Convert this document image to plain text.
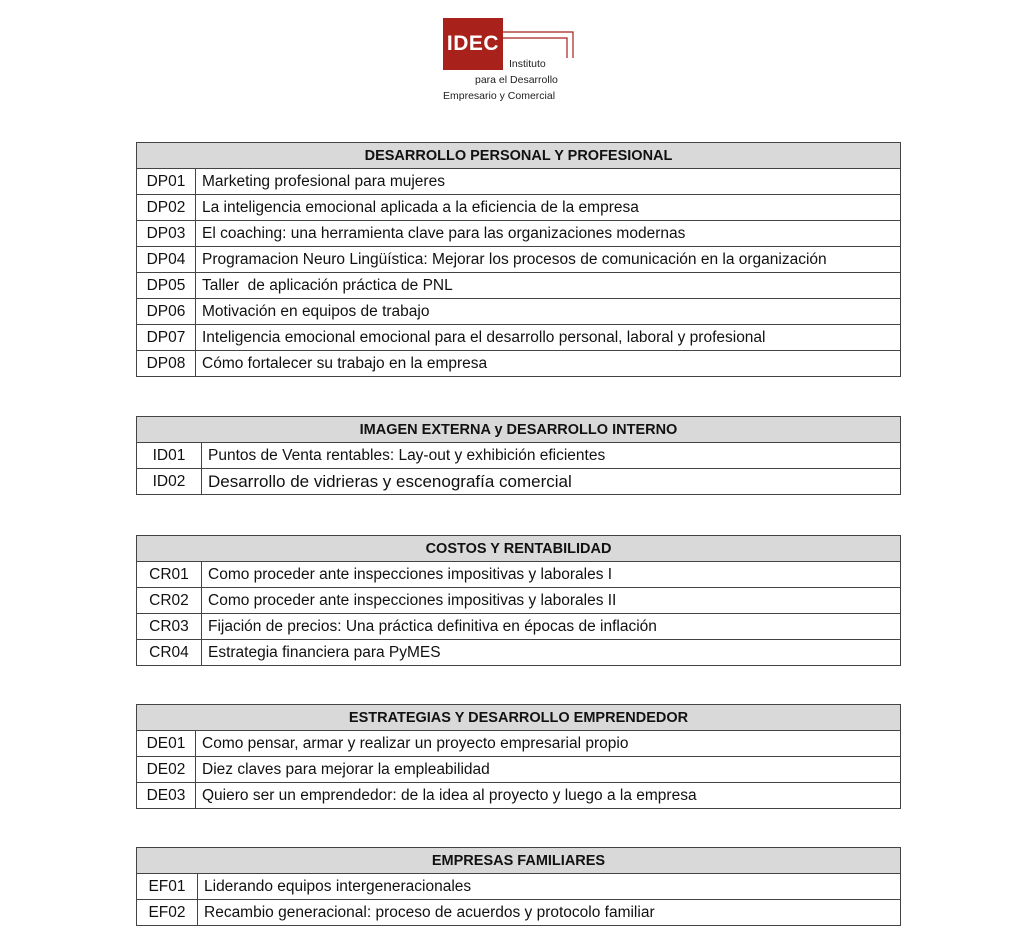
IDEC
Instituto
para el Desarrollo
Empresario y Comercial
DESARROLLO PERSONAL Y PROFESIONAL	
DP01	Marketing profesional para mujeres
DP02	La inteligencia emocional aplicada a la eficiencia de la empresa
DP03	El coaching: una herramienta clave para las organizaciones modernas
DP04	Programacion Neuro Lingüística: Mejorar los procesos de comunicación en la organización
DP05	Taller  de aplicación práctica de PNL
DP06	Motivación en equipos de trabajo
DP07	Inteligencia emocional emocional para el desarrollo personal, laboral y profesional
DP08	Cómo fortalecer su trabajo en la empresa
IMAGEN EXTERNA y DESARROLLO INTERNO	
ID01	Puntos de Venta rentables: Lay-out y exhibición eficientes
ID02	Desarrollo de vidrieras y escenografía comercial
COSTOS Y RENTABILIDAD	
CR01	Como proceder ante inspecciones impositivas y laborales I
CR02	Como proceder ante inspecciones impositivas y laborales II
CR03	Fijación de precios: Una práctica definitiva en épocas de inflación
CR04	Estrategia financiera para PyMES
ESTRATEGIAS Y DESARROLLO EMPRENDEDOR	
DE01	Como pensar, armar y realizar un proyecto empresarial propio
DE02	Diez claves para mejorar la empleabilidad
DE03	Quiero ser un emprendedor: de la idea al proyecto y luego a la empresa
EMPRESAS FAMILIARES	
EF01	Liderando equipos intergeneracionales
EF02	Recambio generacional: proceso de acuerdos y protocolo familiar
